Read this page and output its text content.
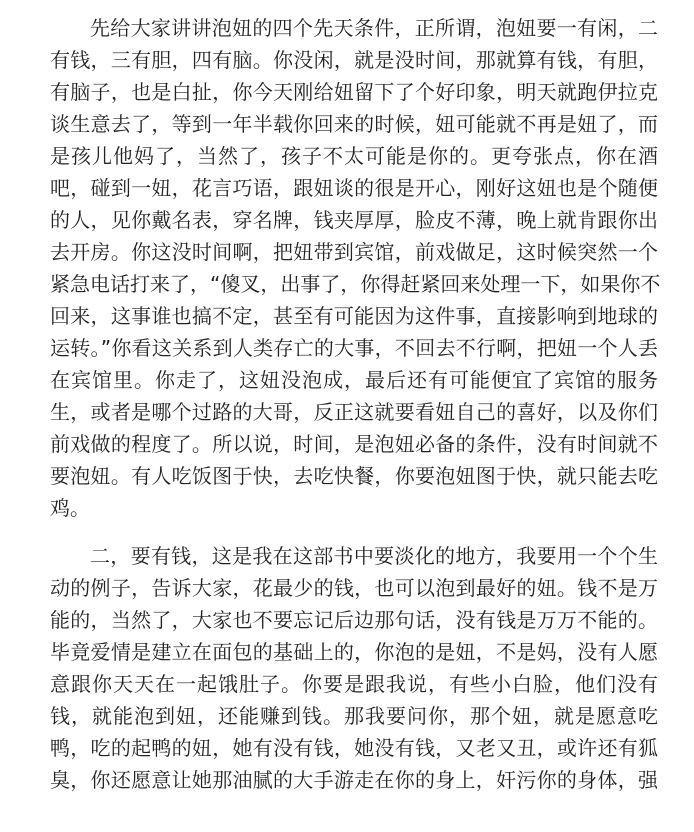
先给大家讲讲泡妞的四个先天条件，正所谓，泡妞要一有闲，二
有钱，三有胆，四有脑。你没闲，就是没时间，那就算有钱，有胆，
有脑子，也是白扯，你今天刚给妞留下了个好印象，明天就跑伊拉克
谈生意去了，等到一年半载你回来的时候，妞可能就不再是妞了，而
是孩儿他妈了，当然了，孩子不太可能是你的。更夸张点，你在酒
吧，碰到一妞，花言巧语，跟妞谈的很是开心，刚好这妞也是个随便
的人，见你戴名表，穿名牌，钱夹厚厚，脸皮不薄，晚上就肯跟你出
去开房。你这没时间啊，把妞带到宾馆，前戏做足，这时候突然一个
紧急电话打来了，“傻叉，出事了，你得赶紧回来处理一下，如果你不
回来，这事谁也搞不定，甚至有可能因为这件事，直接影响到地球的
运转。”你看这关系到人类存亡的大事，不回去不行啊，把妞一个人丢
在宾馆里。你走了，这妞没泡成，最后还有可能便宜了宾馆的服务
生，或者是哪个过路的大哥，反正这就要看妞自己的喜好，以及你们
前戏做的程度了。所以说，时间，是泡妞必备的条件，没有时间就不
要泡妞。有人吃饭图于快，去吃快餐，你要泡妞图于快，就只能去吃
鸡。
二，要有钱，这是我在这部书中要淡化的地方，我要用一个个生
动的例子，告诉大家，花最少的钱，也可以泡到最好的妞。钱不是万
能的，当然了，大家也不要忘记后边那句话，没有钱是万万不能的。
毕竟爱情是建立在面包的基础上的，你泡的是妞，不是妈，没有人愿
意跟你天天在一起饿肚子。你要是跟我说，有些小白脸，他们没有
钱，就能泡到妞，还能赚到钱。那我要问你，那个妞，就是愿意吃
鸭，吃的起鸭的妞，她有没有钱，她没有钱，又老又丑，或许还有狐
臭，你还愿意让她那油腻的大手游走在你的身上，奸污你的身体，强
